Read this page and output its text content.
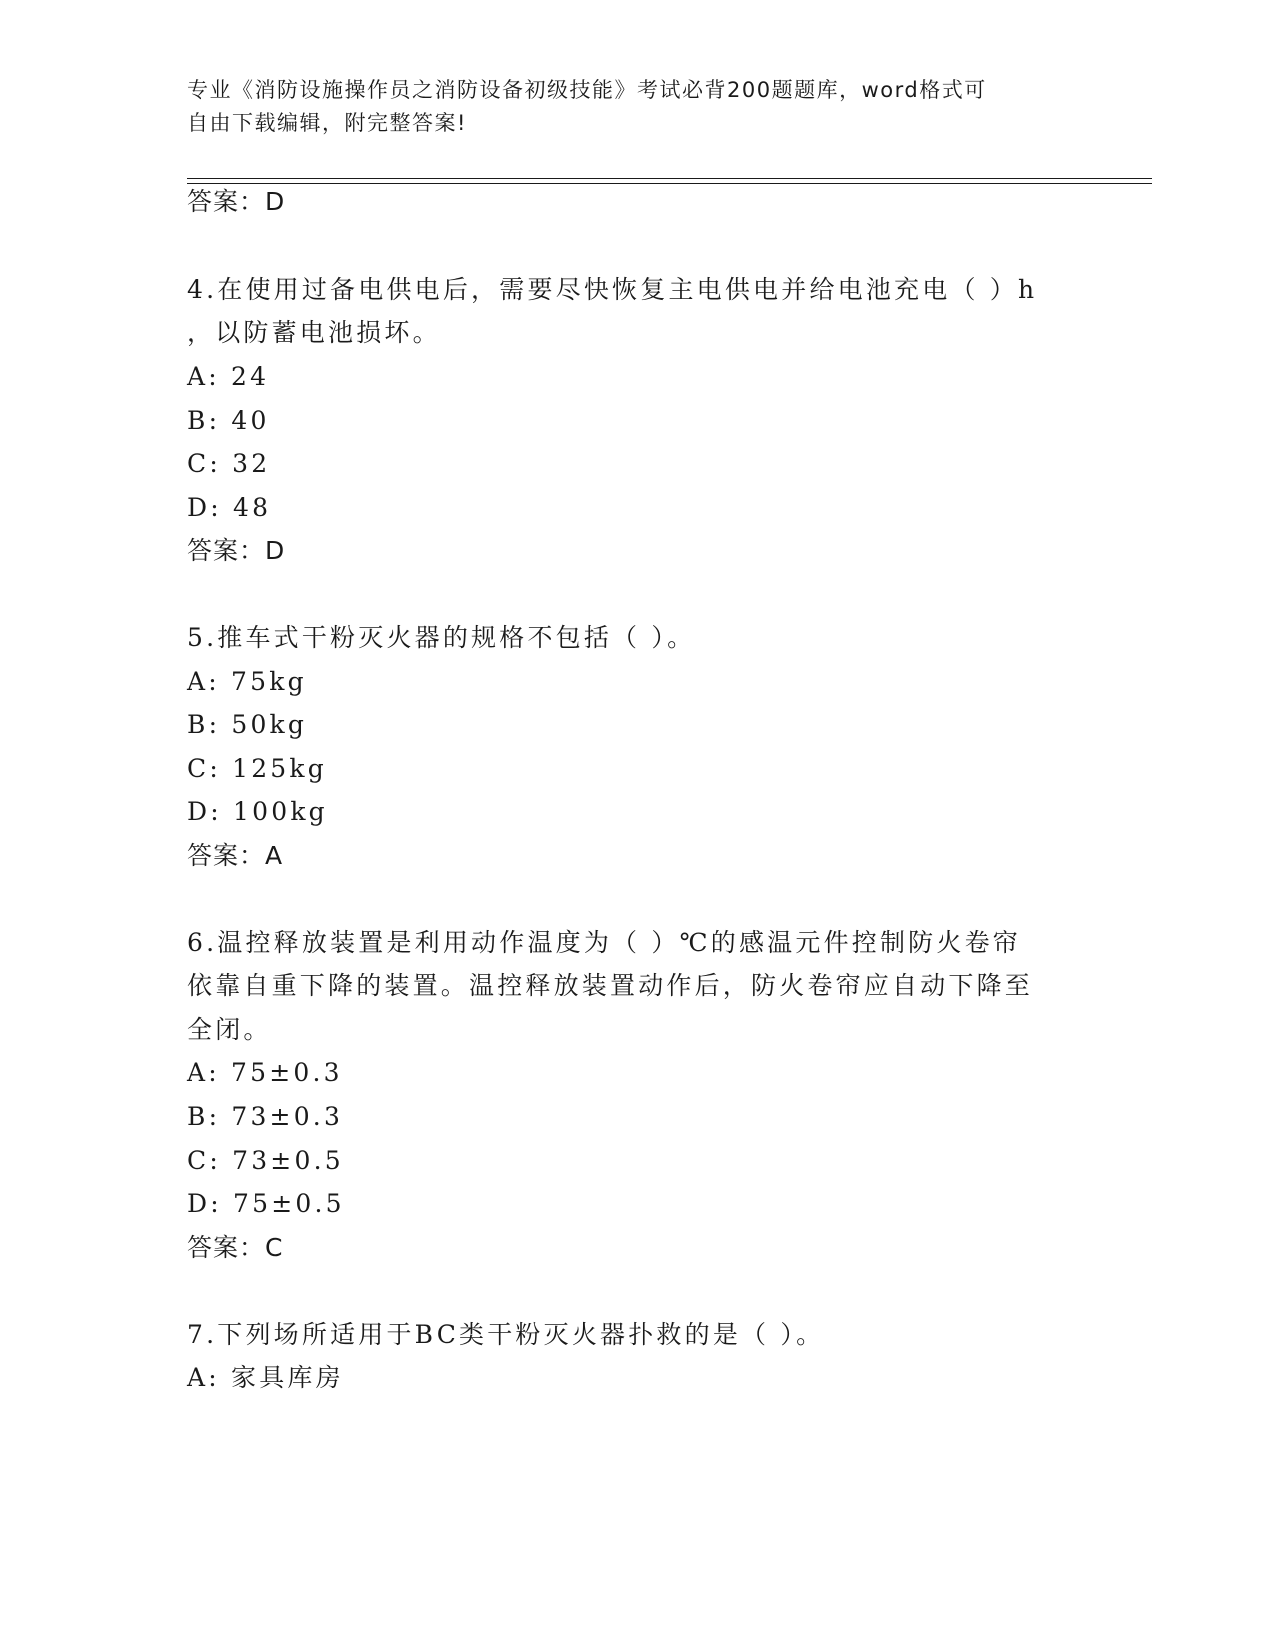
专业《消防设施操作员之消防设备初级技能》考试必背200题题库，word格式可
自由下载编辑，附完整答案!
答案：D
4.在使用过备电供电后，需要尽快恢复主电供电并给电池充电（ ）h
，以防蓄电池损坏。
A: 24
B: 40
C: 32
D: 48
答案：D
5.推车式干粉灭火器的规格不包括（ ）。
A: 75kg
B: 50kg
C: 125kg
D: 100kg
答案：A
6.温控释放装置是利用动作温度为（ ）℃的感温元件控制防火卷帘
依靠自重下降的装置。温控释放装置动作后，防火卷帘应自动下降至
全闭。
A: 75±0.3
B: 73±0.3
C: 73±0.5
D: 75±0.5
答案：C
7.下列场所适用于BC类干粉灭火器扑救的是（ ）。
A: 家具库房
